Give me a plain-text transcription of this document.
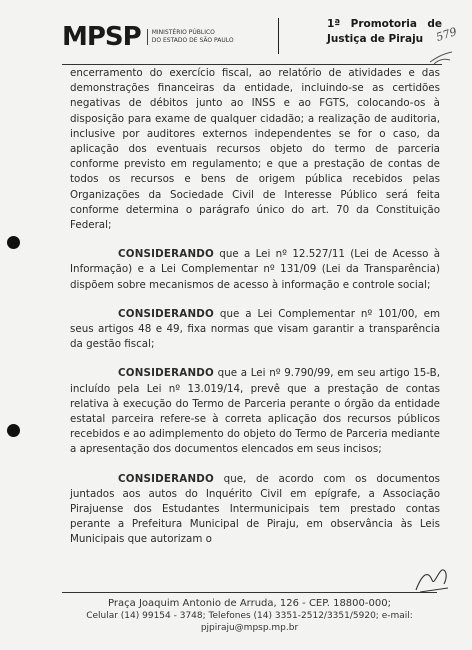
MPSP MINISTÉRIO PÚBLICO
DO ESTADO DE SÃO PAULO
1ª Promotoria de
Justiça de Piraju	579

encerramento do exercício fiscal, ao relatório de atividades e das demonstrações financeiras da entidade, incluindo-se as certidões negativas de débitos junto ao INSS e ao FGTS, colocando-os à disposição para exame de qualquer cidadão; a realização de auditoria, inclusive por auditores externos independentes se for o caso, da aplicação dos eventuais recursos objeto do termo de parceria conforme previsto em regulamento; e que a prestação de contas de todos os recursos e bens de origem pública recebidos pelas Organizações da Sociedade Civil de Interesse Público será feita conforme determina o parágrafo único do art. 70 da Constituição Federal;

CONSIDERANDO que a Lei nº 12.527/11 (Lei de Acesso à Informação) e a Lei Complementar nº 131/09 (Lei da Transparência) dispõem sobre mecanismos de acesso à informação e controle social;

CONSIDERANDO que a Lei Complementar nº 101/00, em seus artigos 48 e 49, fixa normas que visam garantir a transparência da gestão fiscal;

CONSIDERANDO que a Lei nº 9.790/99, em seu artigo 15-B, incluído pela Lei nº 13.019/14, prevê que a prestação de contas relativa à execução do Termo de Parceria perante o órgão da entidade estatal parceira refere-se à correta aplicação dos recursos públicos recebidos e ao adimplemento do objeto do Termo de Parceria mediante a apresentação dos documentos elencados em seus incisos;

CONSIDERANDO que, de acordo com os documentos juntados aos autos do Inquérito Civil em epígrafe, a Associação Pirajuense dos Estudantes Intermunicipais tem prestado contas perante a Prefeitura Municipal de Piraju, em observância às Leis Municipais que autorizam o

Praça Joaquim Antonio de Arruda, 126 - CEP. 18800-000;
Celular (14) 99154 - 3748; Telefones (14) 3351-2512/3351/5920; e-mail:
pjpiraju@mpsp.mp.br
